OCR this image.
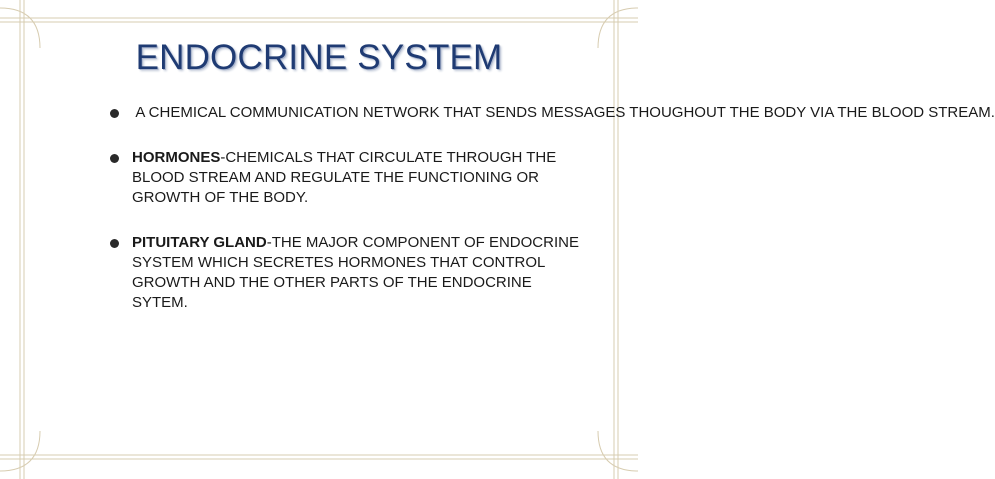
ENDOCRINE SYSTEM
A CHEMICAL COMMUNICATION NETWORK THAT SENDS MESSAGES THOUGHOUT THE BODY VIA THE BLOOD STREAM.
HORMONES-CHEMICALS THAT CIRCULATE THROUGH THE BLOOD STREAM AND REGULATE THE FUNCTIONING OR GROWTH OF THE BODY.
PITUITARY GLAND-THE MAJOR COMPONENT OF ENDOCRINE SYSTEM WHICH SECRETES HORMONES THAT CONTROL GROWTH AND THE OTHER PARTS OF THE ENDOCRINE SYTEM.
